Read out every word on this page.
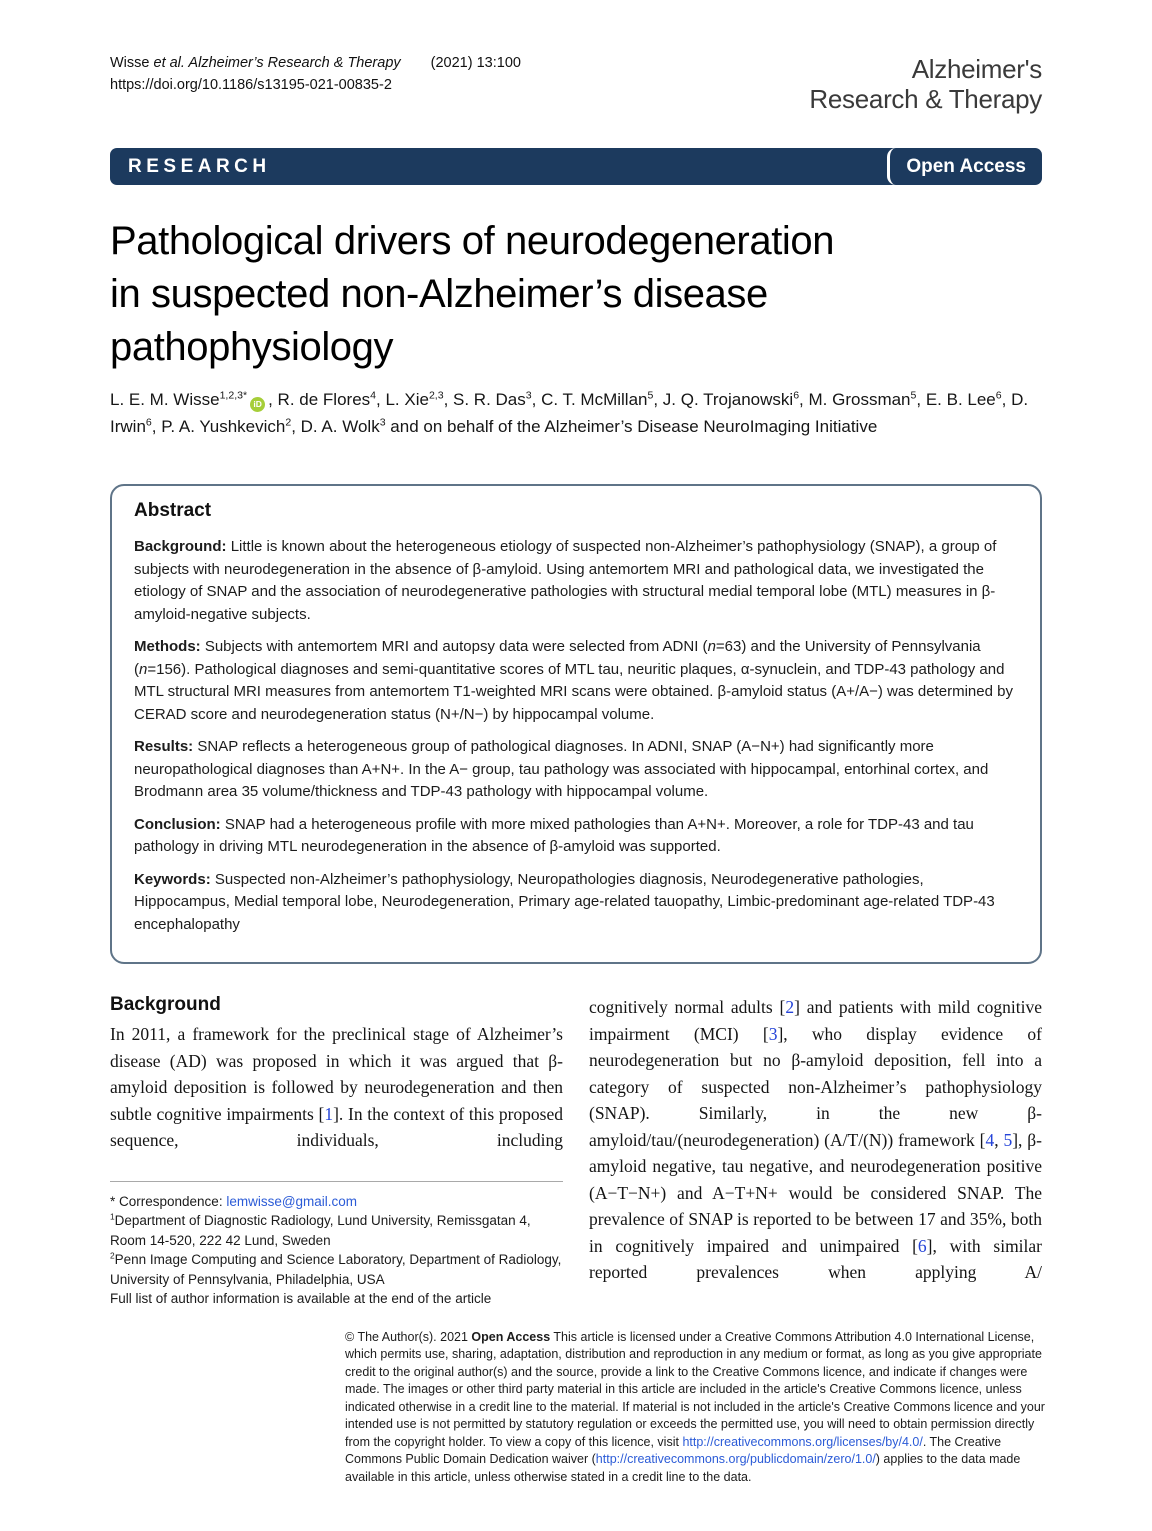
Wisse et al. Alzheimer’s Research & Therapy (2021) 13:100
https://doi.org/10.1186/s13195-021-00835-2
Alzheimer's
Research & Therapy
RESEARCH	Open Access
Pathological drivers of neurodegeneration
in suspected non-Alzheimer’s disease
pathophysiology
L. E. M. Wisse$^{1,2,3*}$iD , R. de Flores$^4$, L. Xie$^{2,3}$, S. R. Das$^3$, C. T. McMillan$^5$, J. Q. Trojanowski$^6$, M. Grossman$^5$, E. B. Lee$^6$, D. Irwin$^6$, P. A. Yushkevich$^2$, D. A. Wolk$^3$ and on behalf of the Alzheimer’s Disease NeuroImaging Initiative
Abstract

Background: Little is known about the heterogeneous etiology of suspected non-Alzheimer’s pathophysiology (SNAP), a group of subjects with neurodegeneration in the absence of β-amyloid. Using antemortem MRI and pathological data, we investigated the etiology of SNAP and the association of neurodegenerative pathologies with structural medial temporal lobe (MTL) measures in β-amyloid-negative subjects.

Methods: Subjects with antemortem MRI and autopsy data were selected from ADNI (n=63) and the University of Pennsylvania (n=156). Pathological diagnoses and semi-quantitative scores of MTL tau, neuritic plaques, α-synuclein, and TDP-43 pathology and MTL structural MRI measures from antemortem T1-weighted MRI scans were obtained. β-amyloid status (A+/A−) was determined by CERAD score and neurodegeneration status (N+/N−) by hippocampal volume.

Results: SNAP reflects a heterogeneous group of pathological diagnoses. In ADNI, SNAP (A−N+) had significantly more neuropathological diagnoses than A+N+. In the A− group, tau pathology was associated with hippocampal, entorhinal cortex, and Brodmann area 35 volume/thickness and TDP-43 pathology with hippocampal volume.

Conclusion: SNAP had a heterogeneous profile with more mixed pathologies than A+N+. Moreover, a role for TDP-43 and tau pathology in driving MTL neurodegeneration in the absence of β-amyloid was supported.

Keywords: Suspected non-Alzheimer’s pathophysiology, Neuropathologies diagnosis, Neurodegenerative pathologies, Hippocampus, Medial temporal lobe, Neurodegeneration, Primary age-related tauopathy, Limbic-predominant age-related TDP-43 encephalopathy

Background

In 2011, a framework for the preclinical stage of Alzheimer’s disease (AD) was proposed in which it was argued that β-amyloid deposition is followed by neurodegeneration and then subtle cognitive impairments [1]. In the context of this proposed sequence, individuals, including

* Correspondence: lemwisse@gmail.com
$^1$Department of Diagnostic Radiology, Lund University, Remissgatan 4, Room 14-520, 222 42 Lund, Sweden
$^2$Penn Image Computing and Science Laboratory, Department of Radiology, University of Pennsylvania, Philadelphia, USA
Full list of author information is available at the end of the article

cognitively normal adults [2] and patients with mild cognitive impairment (MCI) [3], who display evidence of neurodegeneration but no β-amyloid deposition, fell into a category of suspected non-Alzheimer’s pathophysiology (SNAP). Similarly, in the new β-amyloid/tau/(neurodegeneration) (A/T/(N)) framework [4, 5], β-amyloid negative, tau negative, and neurodegeneration positive (A−T−N+) and A−T+N+ would be considered SNAP. The prevalence of SNAP is reported to be between 17 and 35%, both in cognitively impaired and unimpaired [6], with similar reported prevalences when applying A/

© The Author(s). 2021 Open Access This article is licensed under a Creative Commons Attribution 4.0 International License, which permits use, sharing, adaptation, distribution and reproduction in any medium or format, as long as you give appropriate credit to the original author(s) and the source, provide a link to the Creative Commons licence, and indicate if changes were made. The images or other third party material in this article are included in the article's Creative Commons licence, unless indicated otherwise in a credit line to the material. If material is not included in the article's Creative Commons licence and your intended use is not permitted by statutory regulation or exceeds the permitted use, you will need to obtain permission directly from the copyright holder. To view a copy of this licence, visit http://creativecommons.org/licenses/by/4.0/. The Creative Commons Public Domain Dedication waiver (http://creativecommons.org/publicdomain/zero/1.0/) applies to the data made available in this article, unless otherwise stated in a credit line to the data.
